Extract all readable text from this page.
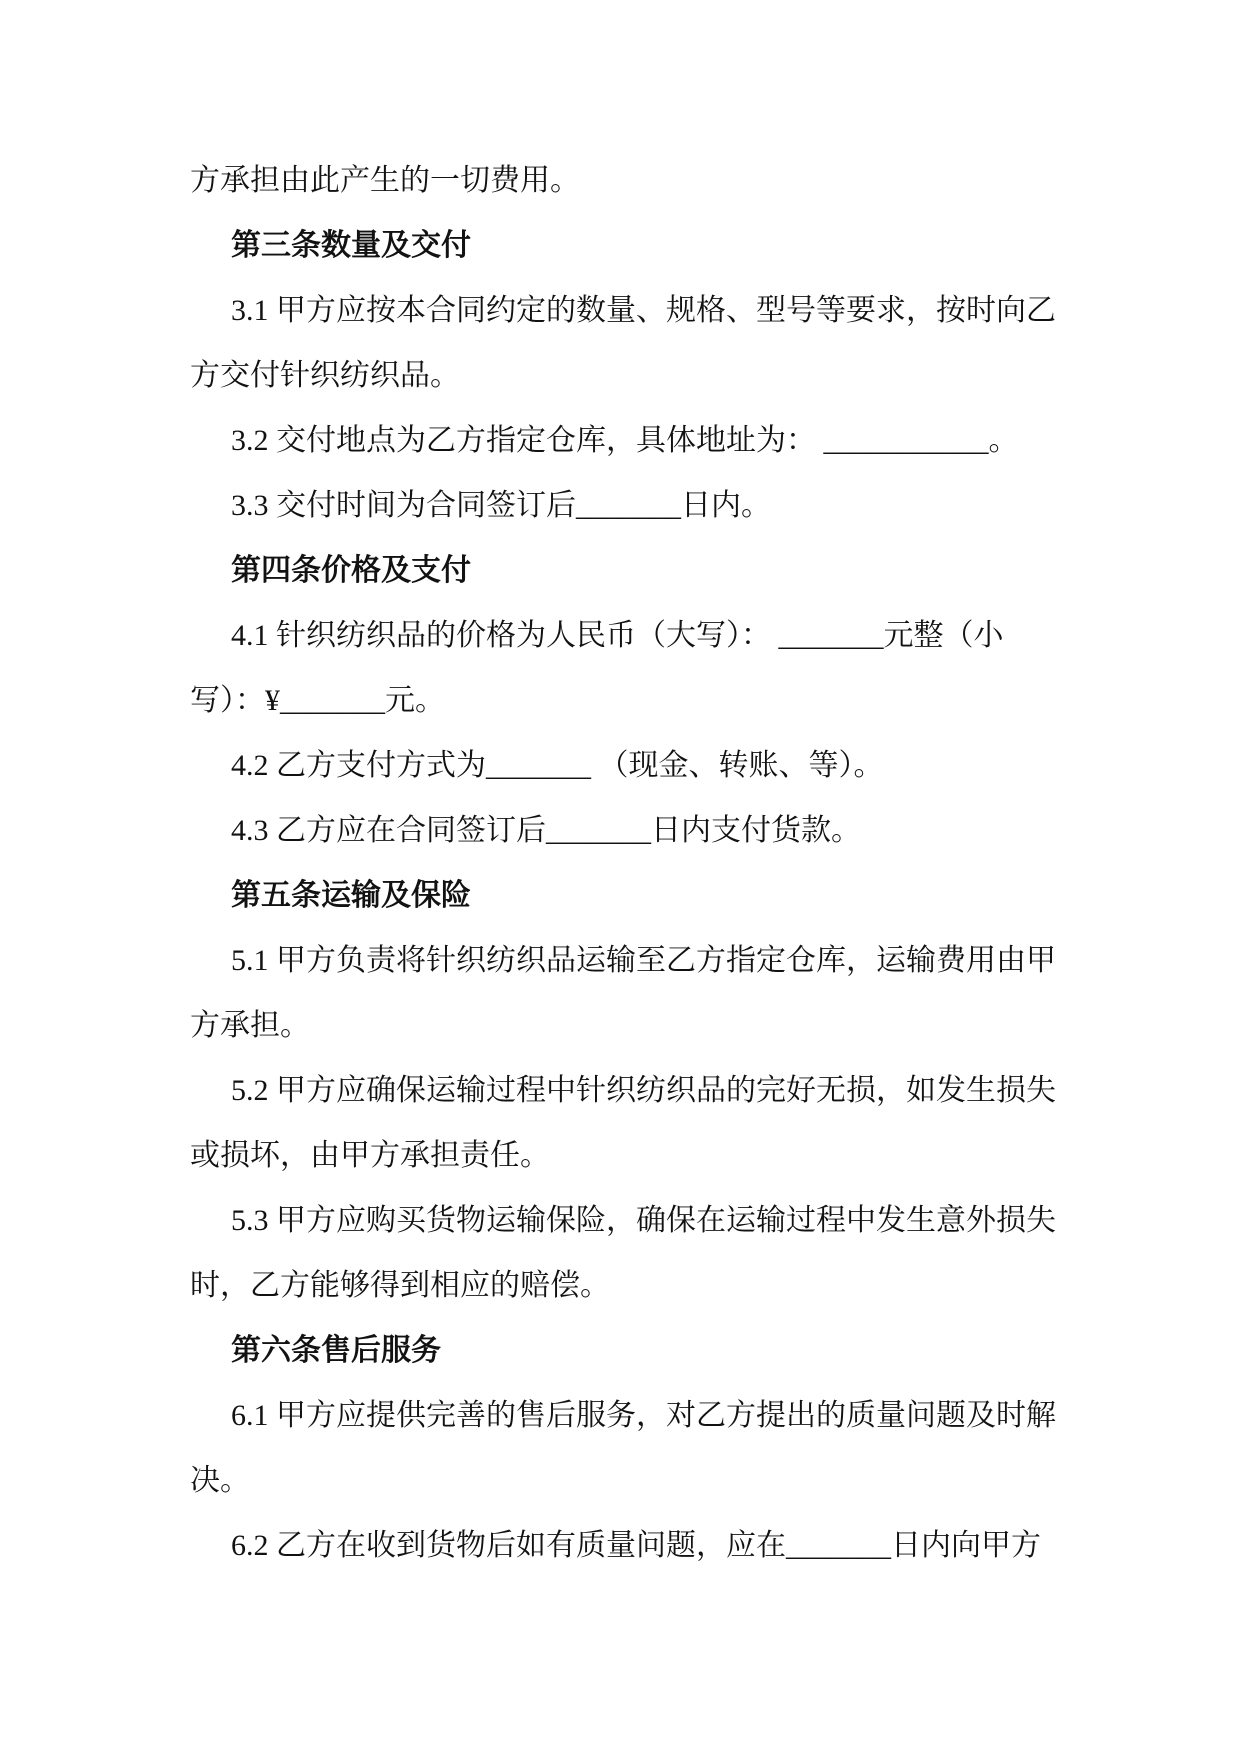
方承担由此产生的一切费用。
第三条数量及交付
3.1 甲方应按本合同约定的数量、规格、型号等要求，按时向乙
方交付针织纺织品。
3.2 交付地点为乙方指定仓库，具体地址为： ___________。
3.3 交付时间为合同签订后_______日内。
第四条价格及支付
4.1 针织纺织品的价格为人民币（大写）： _______元整（小
写）：¥_______元。
4.2 乙方支付方式为_______ （现金、转账、等）。
4.3 乙方应在合同签订后_______日内支付货款。
第五条运输及保险
5.1 甲方负责将针织纺织品运输至乙方指定仓库，运输费用由甲
方承担。
5.2 甲方应确保运输过程中针织纺织品的完好无损，如发生损失
或损坏，由甲方承担责任。
5.3 甲方应购买货物运输保险，确保在运输过程中发生意外损失
时，乙方能够得到相应的赔偿。
第六条售后服务
6.1 甲方应提供完善的售后服务，对乙方提出的质量问题及时解
决。
6.2 乙方在收到货物后如有质量问题，应在_______日内向甲方
